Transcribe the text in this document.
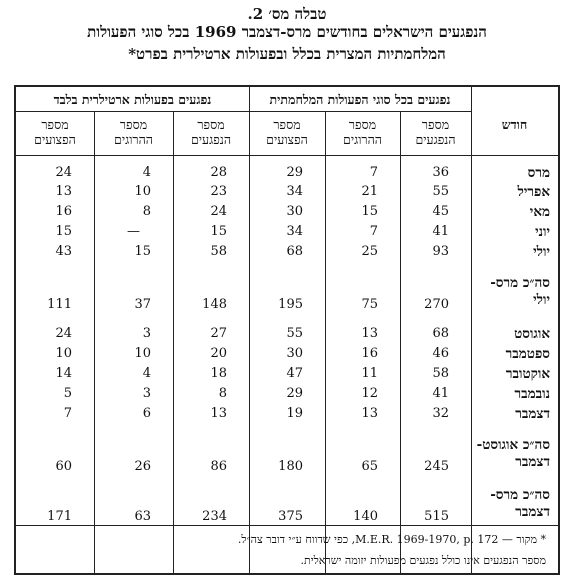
טבלה מס׳ 2.
הנפגעים הישראלים בחודשים מרס-דצמבר 1969 בכל סוגי הפעולות
המלחמתיות המצרית בכלל ובפעולות ארטילרית בפרט*
נפגעים בכל סוגי הפעולות המלחמתית
נפגעים בפעולות ארטילרית בלבד
חודש
מספר
הנפגעים
מספר
ההרוגים
מספר
הפצועים
מספר
הנפגעים
מספר
ההרוגים
מספר
הפצועים
מרס
36
7
29
28
4
24
אפריל
55
21
34
23
10
13
מאי
45
15
30
24
8
16
יוני
41
7
34
15
—
15
יולי
93
25
68
58
15
43
סה״כ מרס-
יולי
270
75
195
148
37
111
אוגוסט
68
13
55
27
3
24
ספטמבר
46
16
30
20
10
10
אוקטובר
58
11
47
18
4
14
נובמבר
41
12
29
8
3
5
דצמבר
32
13
19
13
6
7
סה״כ אוגוסט-
דצמבר
245
65
180
86
26
60
סה״כ מרס-
דצמבר
515
140
375
234
63
171
* מקור — M.E.R. 1969-1970, p. 172, כפי שדווח ע״י דובר צה״ל.
מספר הנפגעים אינו כולל נפגעים מפעולות יזומה ישראלית.
